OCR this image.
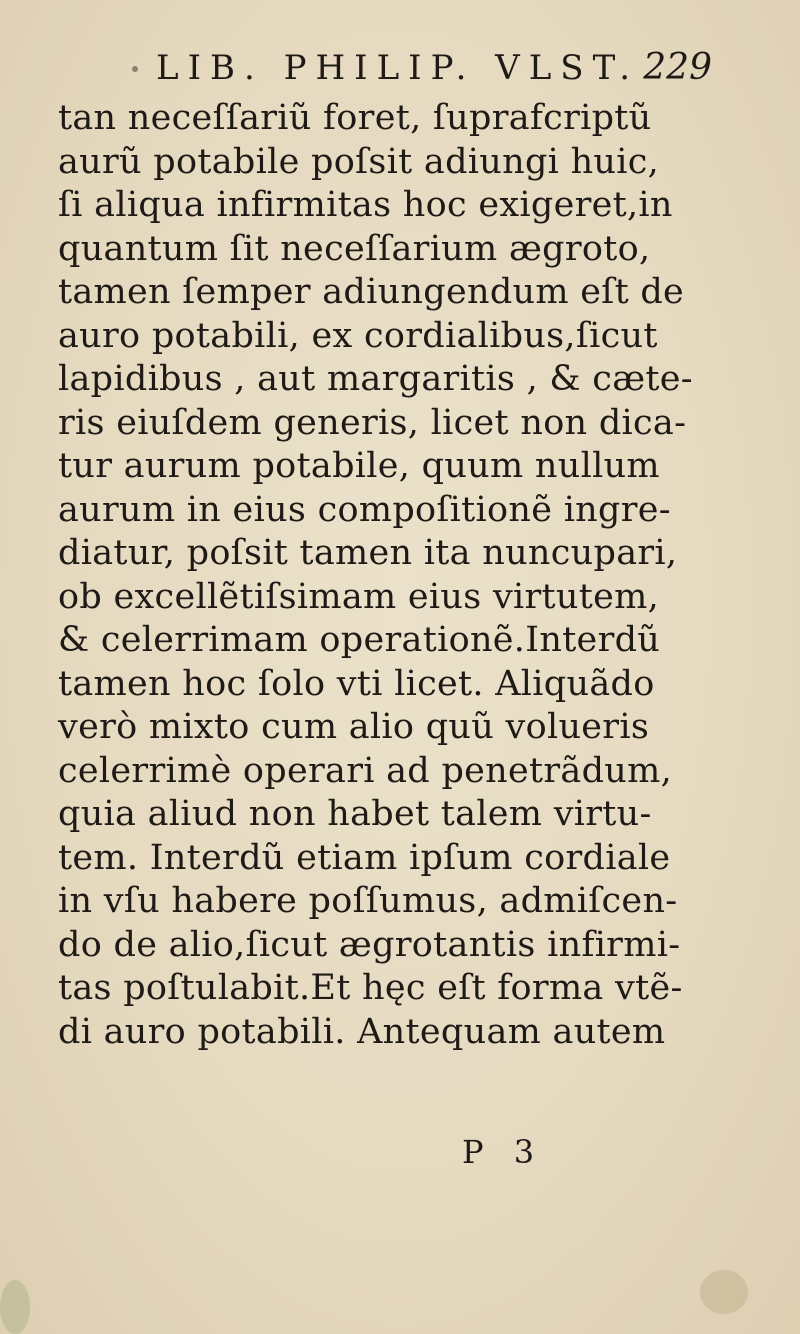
LIB. PHILIP. VLST. 229
tan neceſſariũ foret, ſuprafcriptũ
aurũ potabile poſsit adiungi huic,
ſi aliqua infirmitas hoc exigeret,in
quantum ſit neceſſarium ægroto,
tamen ſemper adiungendum eſt de
auro potabili, ex cordialibus,ſicut
lapidibus , aut margaritis , & cæte-
ris eiuſdem generis, licet non dica-
tur aurum potabile, quum nullum
aurum in eius compoſitionẽ ingre-
diatur, poſsit tamen ita nuncupari,
ob excellẽtiſsimam eius virtutem,
& celerrimam operationẽ.Interdũ
tamen hoc ſolo vti licet. Aliquãdo
verò mixto cum alio quũ volueris
celerrimè operari ad penetrãdum,
quia aliud non habet talem virtu-
tem. Interdũ etiam ipſum cordiale
in vſu habere poſſumus, admiſcen-
do de alio,ſicut ægrotantis infirmi-
tas poſtulabit.Et hęc eſt forma vtẽ-
di auro potabili. Antequam autem
P 3
